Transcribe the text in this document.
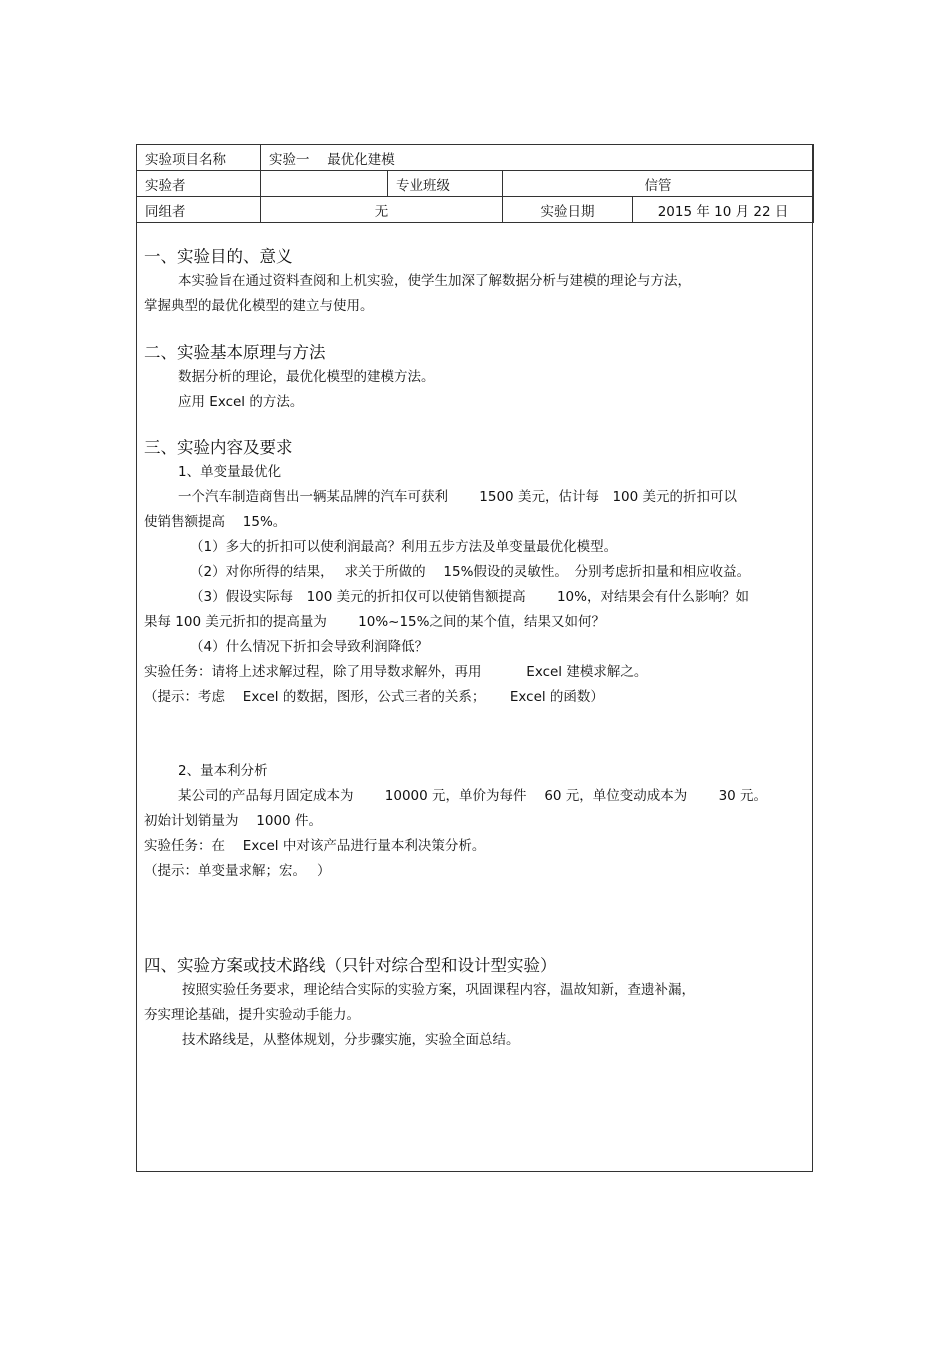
实验项目名称	实验一　 最优化建模			
实验者		专业班级	信管	
同组者	无		实验日期	2015 年 10 月 22 日
一、实验目的、意义
本实验旨在通过资料查阅和上机实验，使学生加深了解数据分析与建模的理论与方法，
掌握典型的最优化模型的建立与使用。
二、实验基本原理与方法
数据分析的理论，最优化模型的建模方法。
应用 Excel 的方法。
三、实验内容及要求
1、单变量最优化
一个汽车制造商售出一辆某品牌的汽车可获利　　 1500 美元，估计每　100 美元的折扣可以
使销售额提高　 15%。
（1）多大的折扣可以使利润最高？利用五步方法及单变量最优化模型。
（2）对你所得的结果，　 求关于所做的　 15%假设的灵敏性。　分别考虑折扣量和相应收益。
（3）假设实际每　100 美元的折扣仅可以使销售额提高　　 10%，对结果会有什么影响？如
果每 100 美元折扣的提高量为　　 10%~15%之间的某个值，结果又如何？
（4）什么情况下折扣会导致利润降低？
实验任务：请将上述求解过程，除了用导数求解外，再用　　　 Excel 建模求解之。
（提示：考虑　 Excel 的数据，图形，公式三者的关系；　　 Excel 的函数）
2、量本利分析
某公司的产品每月固定成本为　　 10000 元，单价为每件　 60 元，单位变动成本为　　 30 元。
初始计划销量为　 1000 件。
实验任务：在　 Excel 中对该产品进行量本利决策分析。
（提示：单变量求解；宏。　 ）
四、实验方案或技术路线（只针对综合型和设计型实验）
按照实验任务要求，理论结合实际的实验方案，巩固课程内容，温故知新，查遗补漏，
夯实理论基础，提升实验动手能力。
技术路线是，从整体规划，分步骤实施，实验全面总结。
